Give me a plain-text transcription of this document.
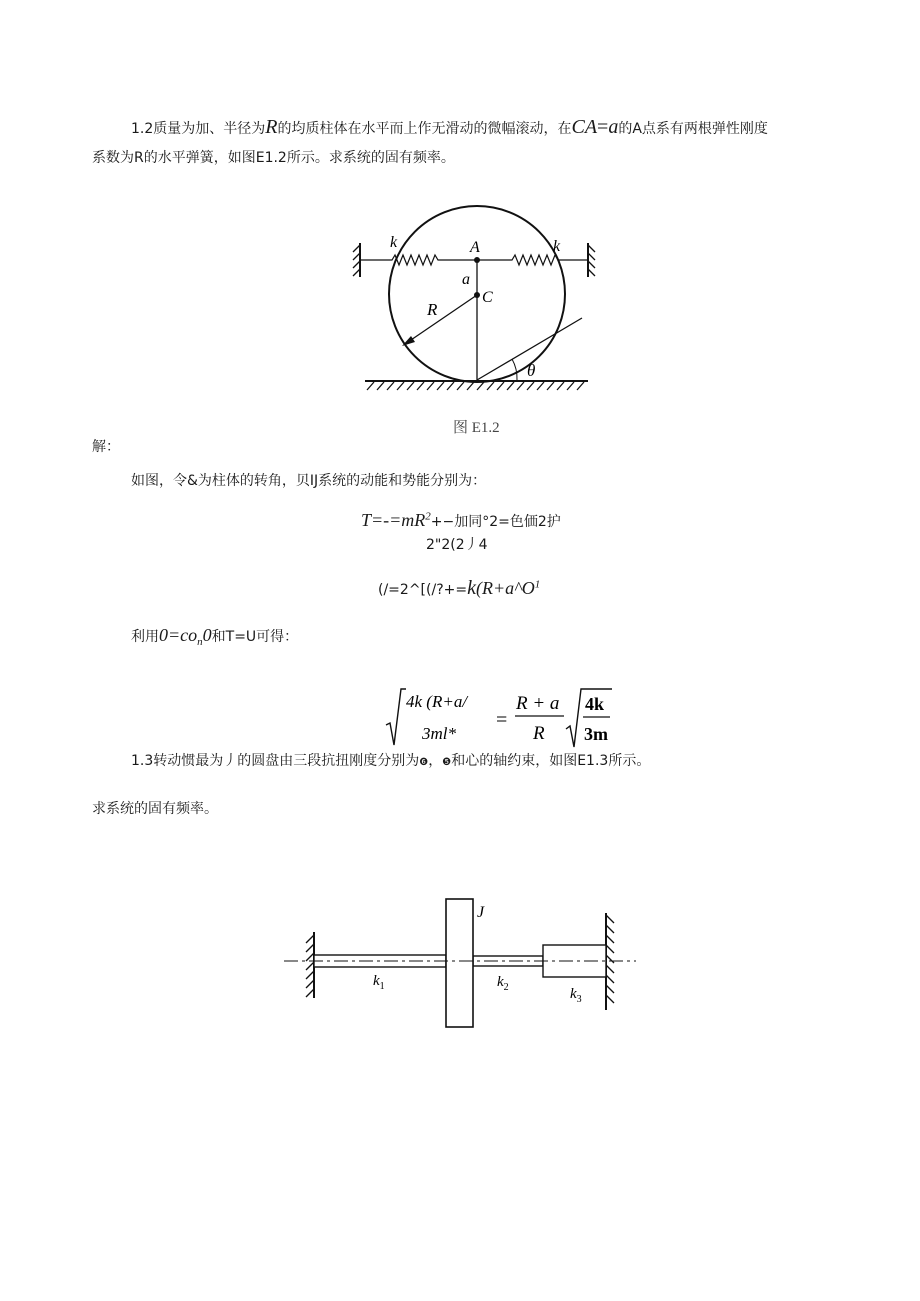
1.2质量为加、半径为R的均质柱体在水平而上作无滑动的微幅滚动，在CA=a的A点系有两根弹性刚度
系数为R的水平弹簧，如图E1.2所示。求系统的固有频率。
k	k
A
a
C
R
θ
图 E1.2
解：
如图，令&为柱体的转角，贝IJ系统的动能和势能分别为：
$T=-=mR^2+-$加同°2=色価2护
2"2(2丿4
($/=2\^{}[(/?+=k(R+a\^{}O^1$
利用$0=co_n0$和T=U可得：
4k (R+a/
3ml*
=
R + a
R
4k
3m
1.3转动惯最为丿的圆盘由三段抗扭刚度分别为❻，❺和心的轴约束，如图E1.3所示。
求系统的固有频率。
J
$k_1$	$k_2$	$k_3$
